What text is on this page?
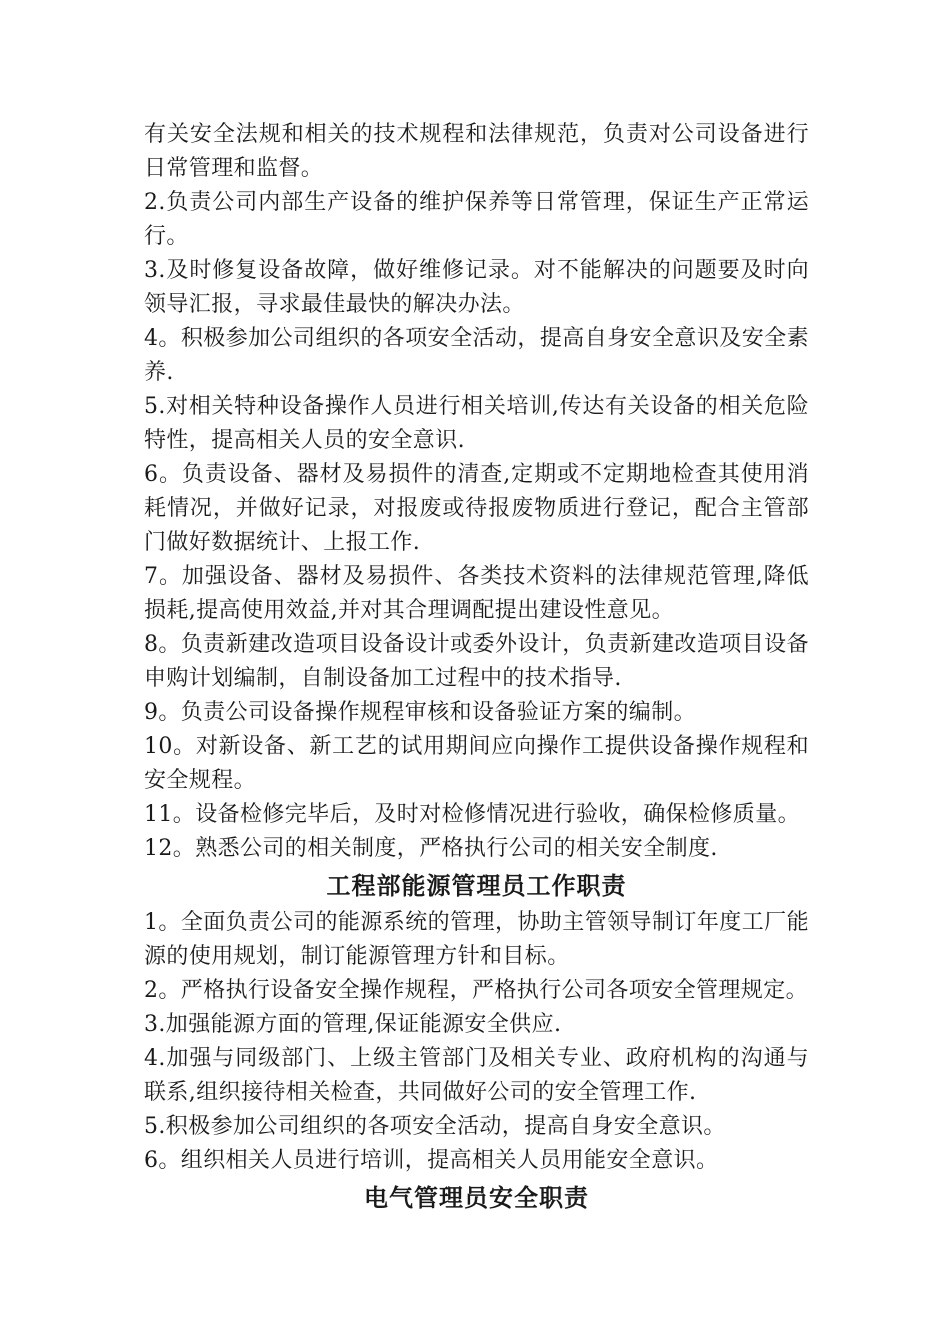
有关安全法规和相关的技术规程和法律规范，负责对公司设备进行日常管理和监督。

2.负责公司内部生产设备的维护保养等日常管理，保证生产正常运行。

3.及时修复设备故障，做好维修记录。对不能解决的问题要及时向领导汇报，寻求最佳最快的解决办法。

4。积极参加公司组织的各项安全活动，提高自身安全意识及安全素养.

5.对相关特种设备操作人员进行相关培训,传达有关设备的相关危险特性，提高相关人员的安全意识.

6。负责设备、器材及易损件的清查,定期或不定期地检查其使用消耗情况，并做好记录，对报废或待报废物质进行登记，配合主管部门做好数据统计、上报工作.

7。加强设备、器材及易损件、各类技术资料的法律规范管理,降低损耗,提高使用效益,并对其合理调配提出建设性意见。

8。负责新建改造项目设备设计或委外设计，负责新建改造项目设备申购计划编制，自制设备加工过程中的技术指导.

9。负责公司设备操作规程审核和设备验证方案的编制。

10。对新设备、新工艺的试用期间应向操作工提供设备操作规程和安全规程。

11。设备检修完毕后，及时对检修情况进行验收，确保检修质量。

12。熟悉公司的相关制度，严格执行公司的相关安全制度.

工程部能源管理员工作职责

1。全面负责公司的能源系统的管理，协助主管领导制订年度工厂能源的使用规划，制订能源管理方针和目标。

2。严格执行设备安全操作规程，严格执行公司各项安全管理规定。

3.加强能源方面的管理,保证能源安全供应.

4.加强与同级部门、上级主管部门及相关专业、政府机构的沟通与联系,组织接待相关检查，共同做好公司的安全管理工作.

5.积极参加公司组织的各项安全活动，提高自身安全意识。

6。组织相关人员进行培训，提高相关人员用能安全意识。

电气管理员安全职责
